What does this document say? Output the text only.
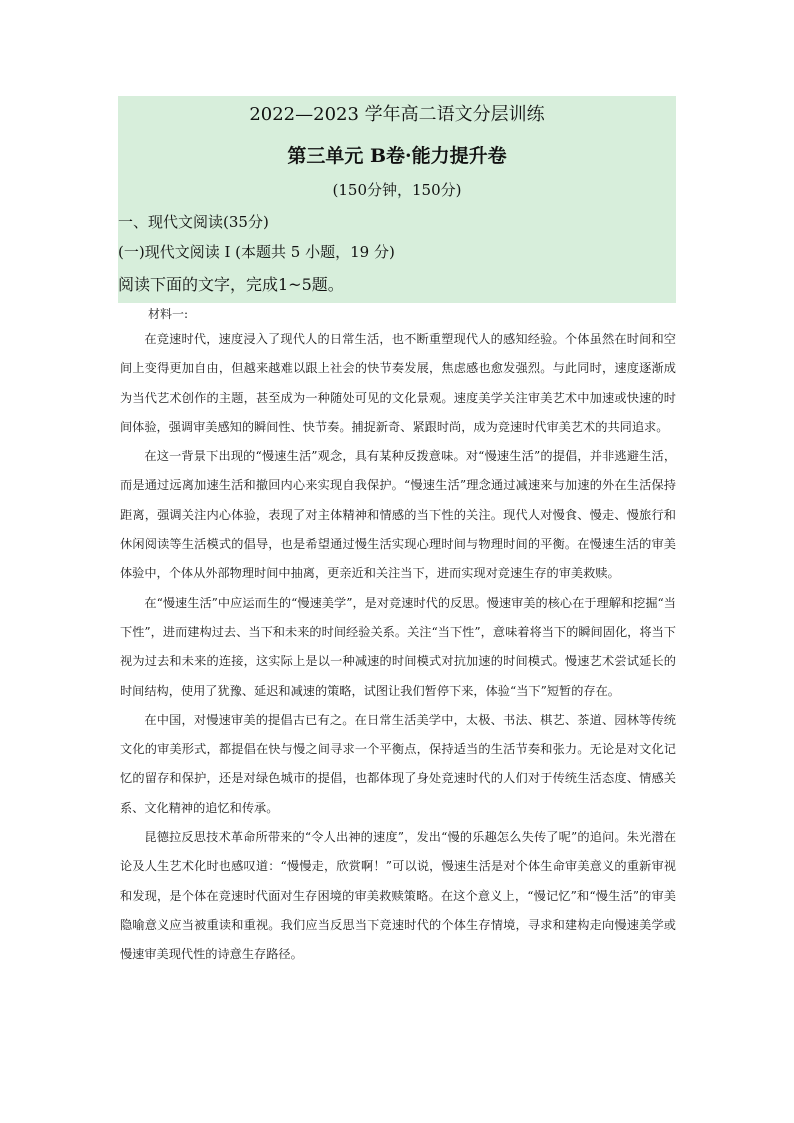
2022—2023 学年高二语文分层训练
第三单元 B卷·能力提升卷
(150分钟，150分)
一、现代文阅读(35分)
(一)现代文阅读 I (本题共 5 小题，19 分)
阅读下面的文字，完成1~5题。
材料一:

在竞速时代，速度浸入了现代人的日常生活，也不断重塑现代人的感知经验。个体虽然在时间和空间上变得更加自由，但越来越难以跟上社会的快节奏发展，焦虑感也愈发强烈。与此同时，速度逐渐成为当代艺术创作的主题，甚至成为一种随处可见的文化景观。速度美学关注审美艺术中加速或快速的时间体验，强调审美感知的瞬间性、快节奏。捕捉新奇、紧跟时尚，成为竞速时代审美艺术的共同追求。

在这一背景下出现的“慢速生活”观念，具有某种反拨意味。对“慢速生活”的提倡，并非逃避生活，而是通过远离加速生活和撤回内心来实现自我保护。“慢速生活”理念通过减速来与加速的外在生活保持距离，强调关注内心体验，表现了对主体精神和情感的当下性的关注。现代人对慢食、慢走、慢旅行和休闲阅读等生活模式的倡导，也是希望通过慢生活实现心理时间与物理时间的平衡。在慢速生活的审美体验中，个体从外部物理时间中抽离，更亲近和关注当下，进而实现对竞速生存的审美救赎。

在“慢速生活”中应运而生的“慢速美学”，是对竞速时代的反思。慢速审美的核心在于理解和挖掘“当下性”，进而建构过去、当下和未来的时间经验关系。关注“当下性”，意味着将当下的瞬间固化，将当下视为过去和未来的连接，这实际上是以一种减速的时间模式对抗加速的时间模式。慢速艺术尝试延长的时间结构，使用了犹豫、延迟和减速的策略，试图让我们暂停下来，体验“当下”短暂的存在。

在中国，对慢速审美的提倡古已有之。在日常生活美学中，太极、书法、棋艺、茶道、园林等传统文化的审美形式，都提倡在快与慢之间寻求一个平衡点，保持适当的生活节奏和张力。无论是对文化记忆的留存和保护，还是对绿色城市的提倡，也都体现了身处竞速时代的人们对于传统生活态度、情感关系、文化精神的追忆和传承。

昆德拉反思技术革命所带来的“令人出神的速度”，发出“慢的乐趣怎么失传了呢”的追问。朱光潜在论及人生艺术化时也感叹道：“慢慢走，欣赏啊！”可以说，慢速生活是对个体生命审美意义的重新审视和发现，是个体在竞速时代面对生存困境的审美救赎策略。在这个意义上，“慢记忆”和“慢生活”的审美隐喻意义应当被重读和重视。我们应当反思当下竞速时代的个体生存情境，寻求和建构走向慢速美学或慢速审美现代性的诗意生存路径。
